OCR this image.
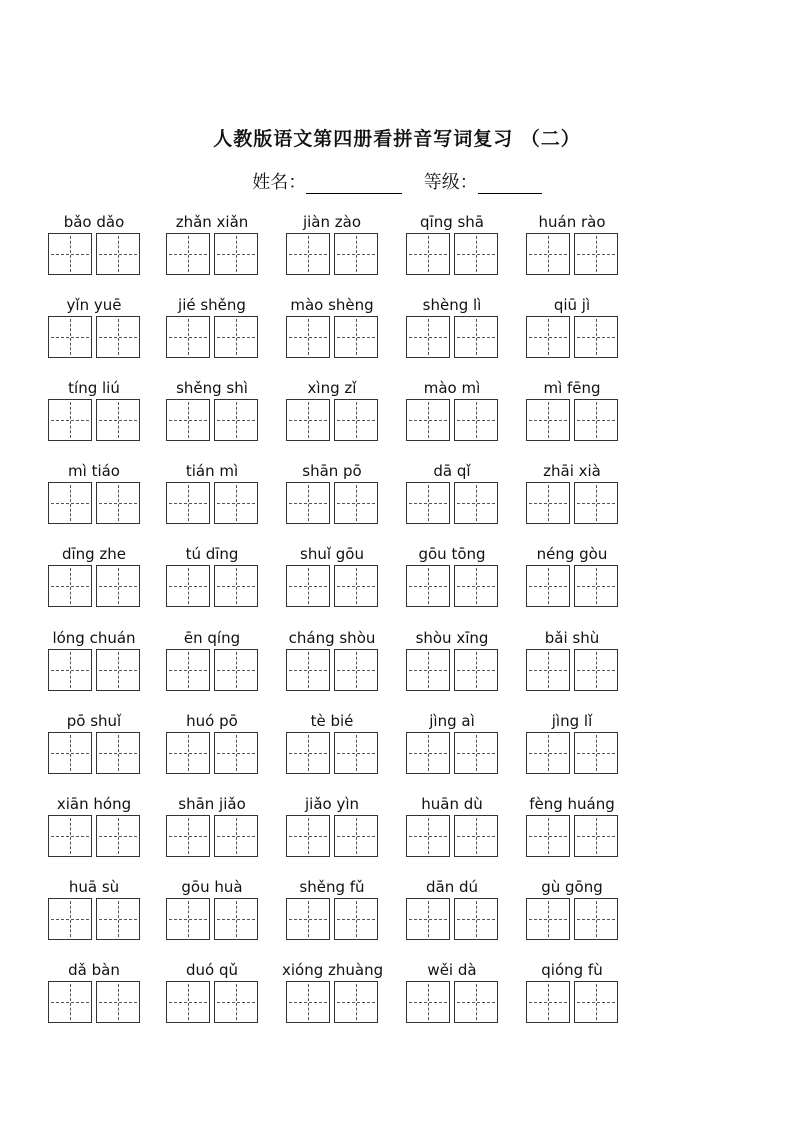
人教版语文第四册看拼音写词复习 （二）
姓名：	等级：
bǎo dǎo	zhǎn xiǎn	jiàn zào	qīng shā	huán rào
yǐn yuē	jié shěng	mào shèng	shèng lì	qiū jì
tíng liú	shěng shì	xìng zǐ	mào mì	mì fēng
mì tiáo	tián mì	shān pō	dā qǐ	zhāi xià
dīng zhe	tú dīng	shuǐ gōu	gōu tōng	néng gòu
lóng chuán	ēn qíng	cháng shòu	shòu xīng	bǎi shù
pō shuǐ	huó pō	tè bié	jìng aì	jìng lǐ
xiān hóng	shān jiǎo	jiǎo yìn	huān dù	fèng huáng
huā sù	gōu huà	shěng fǔ	dān dú	gù gōng
dǎ bàn	duó qǔ	xióng zhuàng	wěi dà	qióng fù
